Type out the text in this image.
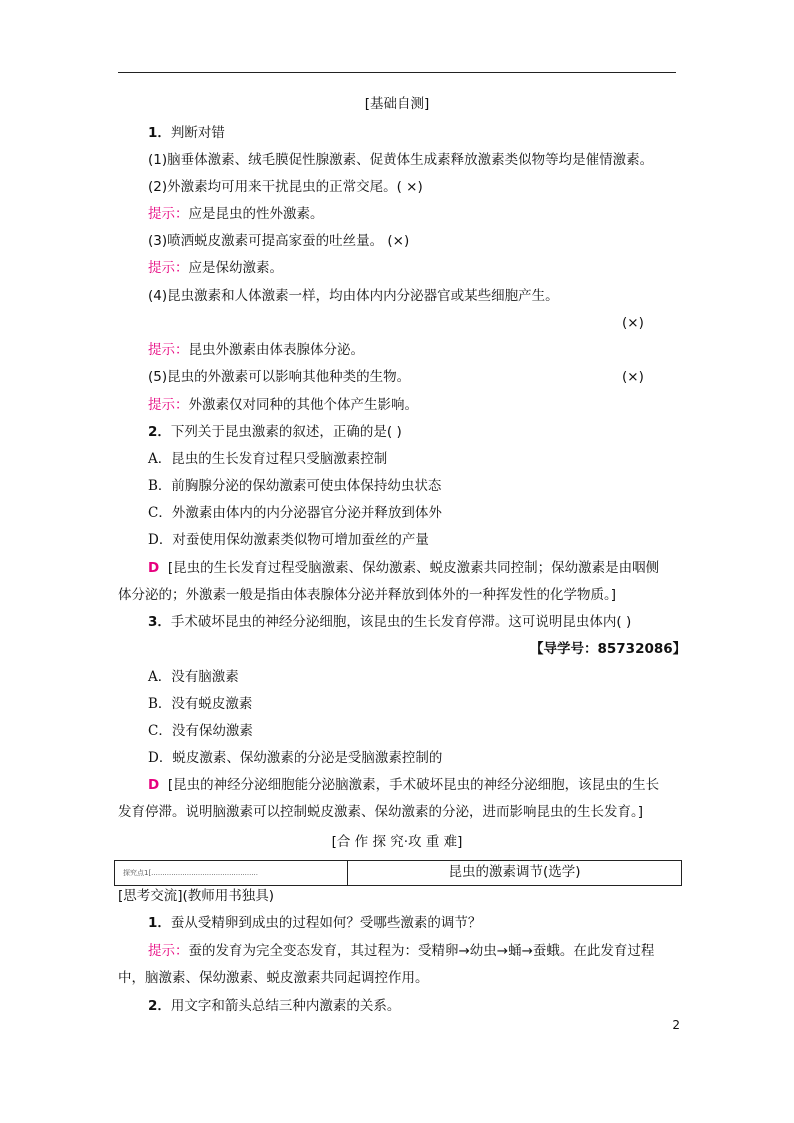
[基础自测]
1．判断对错
(1)脑垂体激素、绒毛膜促性腺激素、促黄体生成素释放激素类似物等均是催情激素。
(2)外激素均可用来干扰昆虫的正常交尾。( ×)
提示：应是昆虫的性外激素。
(3)喷洒蜕皮激素可提高家蚕的吐丝量。 (×)
提示：应是保幼激素。
(4)昆虫激素和人体激素一样，均由体内内分泌器官或某些细胞产生。
(×)
提示：昆虫外激素由体表腺体分泌。
(5)昆虫的外激素可以影响其他种类的生物。	(×)
提示：外激素仅对同种的其他个体产生影响。
2．下列关于昆虫激素的叙述，正确的是( )
A．昆虫的生长发育过程只受脑激素控制
B．前胸腺分泌的保幼激素可使虫体保持幼虫状态
C．外激素由体内的内分泌器官分泌并释放到体外
D．对蚕使用保幼激素类似物可增加蚕丝的产量
D [昆虫的生长发育过程受脑激素、保幼激素、蜕皮激素共同控制；保幼激素是由咽侧
体分泌的；外激素一般是指由体表腺体分泌并释放到体外的一种挥发性的化学物质。]
3．手术破坏昆虫的神经分泌细胞，该昆虫的生长发育停滞。这可说明昆虫体内( )
【导学号：85732086】
A．没有脑激素
B．没有蜕皮激素
C．没有保幼激素
D．蜕皮激素、保幼激素的分泌是受脑激素控制的
D [昆虫的神经分泌细胞能分泌脑激素，手术破坏昆虫的神经分泌细胞，该昆虫的生长
发育停滞。说明脑激素可以控制蜕皮激素、保幼激素的分泌，进而影响昆虫的生长发育。]
[合 作 探 究·攻 重 难]
探究点1[................................................	昆虫的激素调节(选学)
[思考交流](教师用书独具)
1．蚕从受精卵到成虫的过程如何？受哪些激素的调节？
提示：蚕的发育为完全变态发育，其过程为：受精卵→幼虫→蛹→蚕蛾。在此发育过程
中，脑激素、保幼激素、蜕皮激素共同起调控作用。
2．用文字和箭头总结三种内激素的关系。
2
